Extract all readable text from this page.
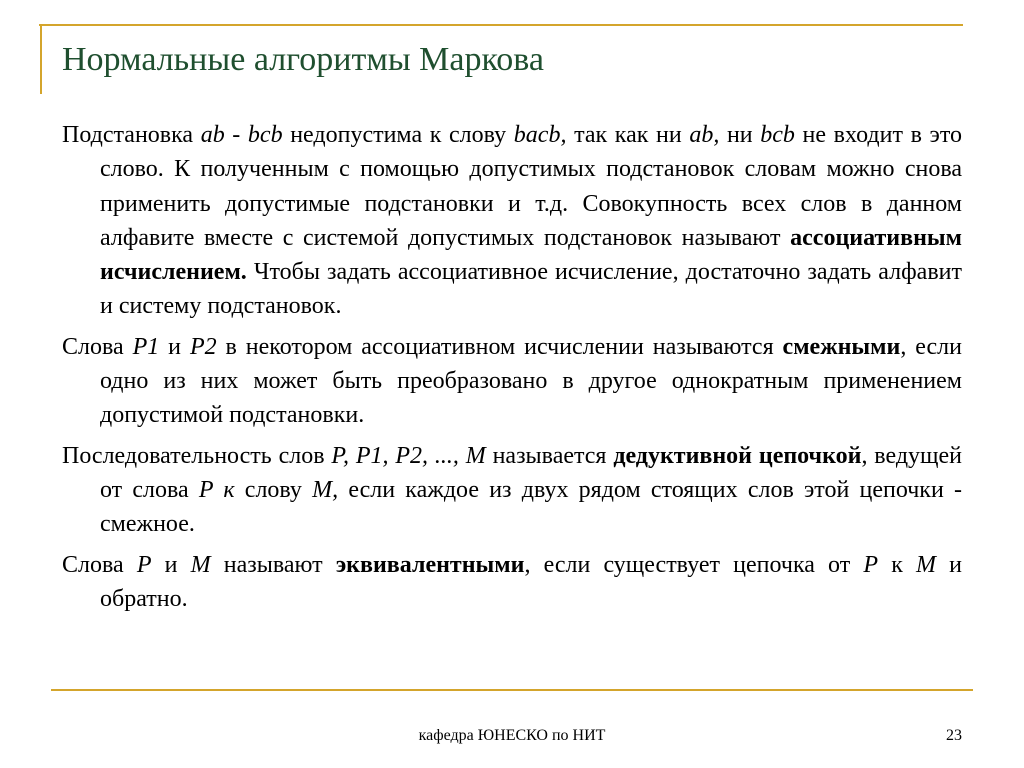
Нормальные алгоритмы Маркова

Подстановка ab - bcb недопустима к слову bacb, так как ни ab, ни bcb не входит в это слово. К полученным с помощью допустимых подстановок словам можно снова применить допустимые подстановки и т.д. Совокупность всех слов в данном алфавите вместе с системой допустимых подстановок называют ассоциативным исчислением. Чтобы задать ассоциативное исчисление, достаточно задать алфавит и систему подстановок.

Слова P1 и P2 в некотором ассоциативном исчислении называются смежными, если одно из них может быть преобразовано в другое однократным применением допустимой подстановки.

Последовательность слов P, P1, P2, ..., M называется дедуктивной цепочкой, ведущей от слова P к слову M, если каждое из двух рядом стоящих слов этой цепочки - смежное.

Слова P и M называют эквивалентными, если существует цепочка от P к M и обратно.

кафедра ЮНЕСКО по НИТ	23
